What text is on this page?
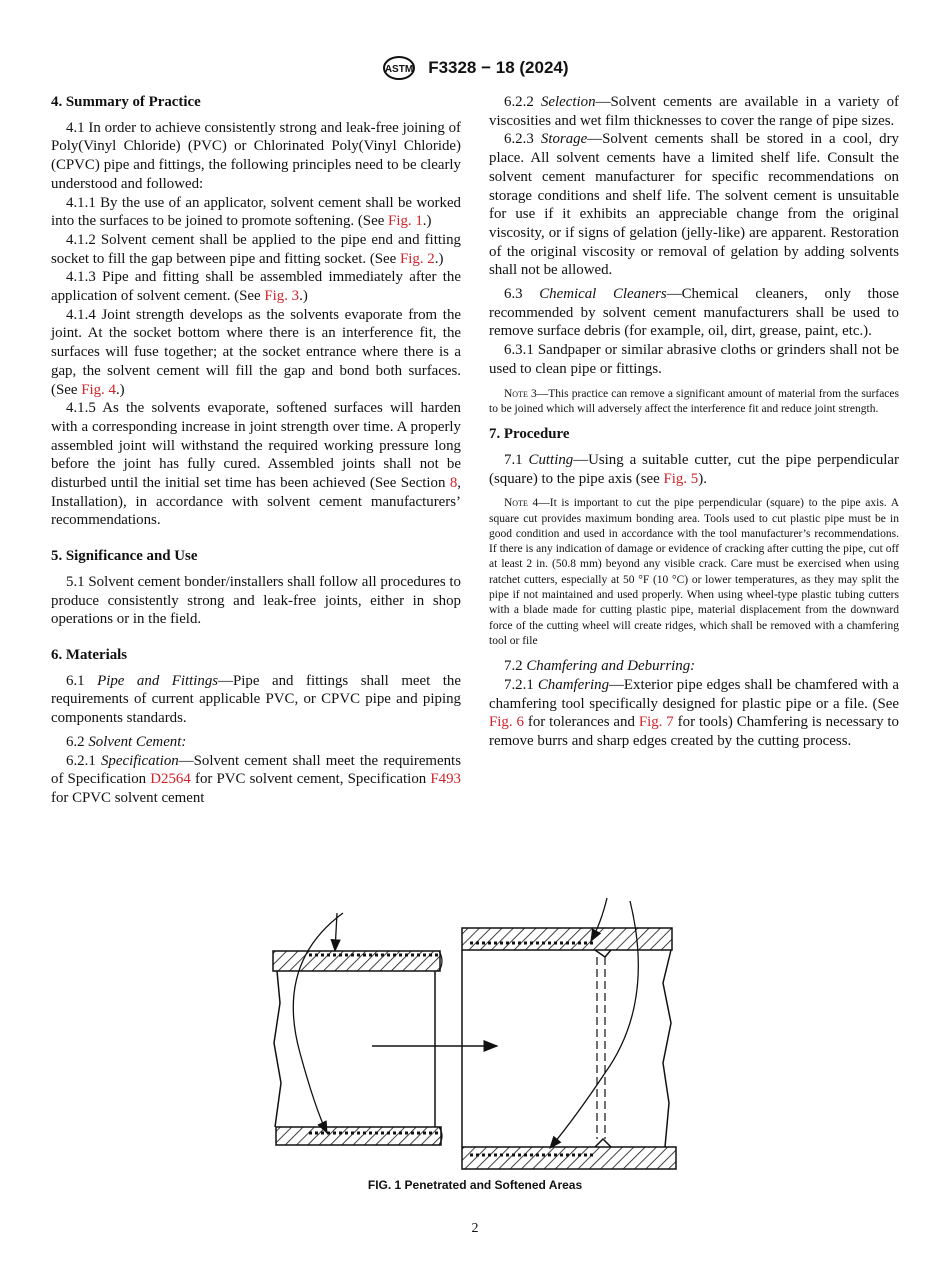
ASTM F3328 − 18 (2024)
4. Summary of Practice

4.1 In order to achieve consistently strong and leak-free joining of Poly(Vinyl Chloride) (PVC) or Chlorinated Poly(Vinyl Chloride) (CPVC) pipe and fittings, the following principles need to be clearly understood and followed:

4.1.1 By the use of an applicator, solvent cement shall be worked into the surfaces to be joined to promote softening. (See Fig. 1.)

4.1.2 Solvent cement shall be applied to the pipe end and fitting socket to fill the gap between pipe and fitting socket. (See Fig. 2.)

4.1.3 Pipe and fitting shall be assembled immediately after the application of solvent cement. (See Fig. 3.)

4.1.4 Joint strength develops as the solvents evaporate from the joint. At the socket bottom where there is an interference fit, the surfaces will fuse together; at the socket entrance where there is a gap, the solvent cement will fill the gap and bond both surfaces. (See Fig. 4.)

4.1.5 As the solvents evaporate, softened surfaces will harden with a corresponding increase in joint strength over time. A properly assembled joint will withstand the required working pressure long before the joint has fully cured. Assembled joints shall not be disturbed until the initial set time has been achieved (See Section 8, Installation), in accordance with solvent cement manufacturers’ recommendations.

5. Significance and Use

5.1 Solvent cement bonder/installers shall follow all procedures to produce consistently strong and leak-free joints, either in shop operations or in the field.

6. Materials

6.1 Pipe and Fittings—Pipe and fittings shall meet the requirements of current applicable PVC, or CPVC pipe and piping components standards.

6.2 Solvent Cement:

6.2.1 Specification—Solvent cement shall meet the requirements of Specification D2564 for PVC solvent cement, Specification F493 for CPVC solvent cement

6.2.2 Selection—Solvent cements are available in a variety of viscosities and wet film thicknesses to cover the range of pipe sizes.

6.2.3 Storage—Solvent cements shall be stored in a cool, dry place. All solvent cements have a limited shelf life. Consult the solvent cement manufacturer for specific recommendations on storage conditions and shelf life. The solvent cement is unsuitable for use if it exhibits an appreciable change from the original viscosity, or if signs of gelation (jelly-like) are apparent. Restoration of the original viscosity or removal of gelation by adding solvents shall not be allowed.

6.3 Chemical Cleaners—Chemical cleaners, only those recommended by solvent cement manufacturers shall be used to remove surface debris (for example, oil, dirt, grease, paint, etc.).

6.3.1 Sandpaper or similar abrasive cloths or grinders shall not be used to clean pipe or fittings.

Note 3—This practice can remove a significant amount of material from the surfaces to be joined which will adversely affect the interference fit and reduce joint strength.

7. Procedure

7.1 Cutting—Using a suitable cutter, cut the pipe perpendicular (square) to the pipe axis (see Fig. 5).

Note 4—It is important to cut the pipe perpendicular (square) to the pipe axis. A square cut provides maximum bonding area. Tools used to cut plastic pipe must be in good condition and used in accordance with the tool manufacturer’s recommendations. If there is any indication of damage or evidence of cracking after cutting the pipe, cut off at least 2 in. (50.8 mm) beyond any visible crack. Care must be exercised when using ratchet cutters, especially at 50 °F (10 °C) or lower temperatures, as they may split the pipe if not maintained and used properly. When using wheel-type plastic tubing cutters with a blade made for cutting plastic pipe, material displacement from the downward force of the cutting wheel will create ridges, which shall be removed with a chamfering tool or file

7.2 Chamfering and Deburring:

7.2.1 Chamfering—Exterior pipe edges shall be chamfered with a chamfering tool specifically designed for plastic pipe or a file. (See Fig. 6 for tolerances and Fig. 7 for tools) Chamfering is necessary to remove burrs and sharp edges created by the cutting process.

FIG. 1 Penetrated and Softened Areas
2
